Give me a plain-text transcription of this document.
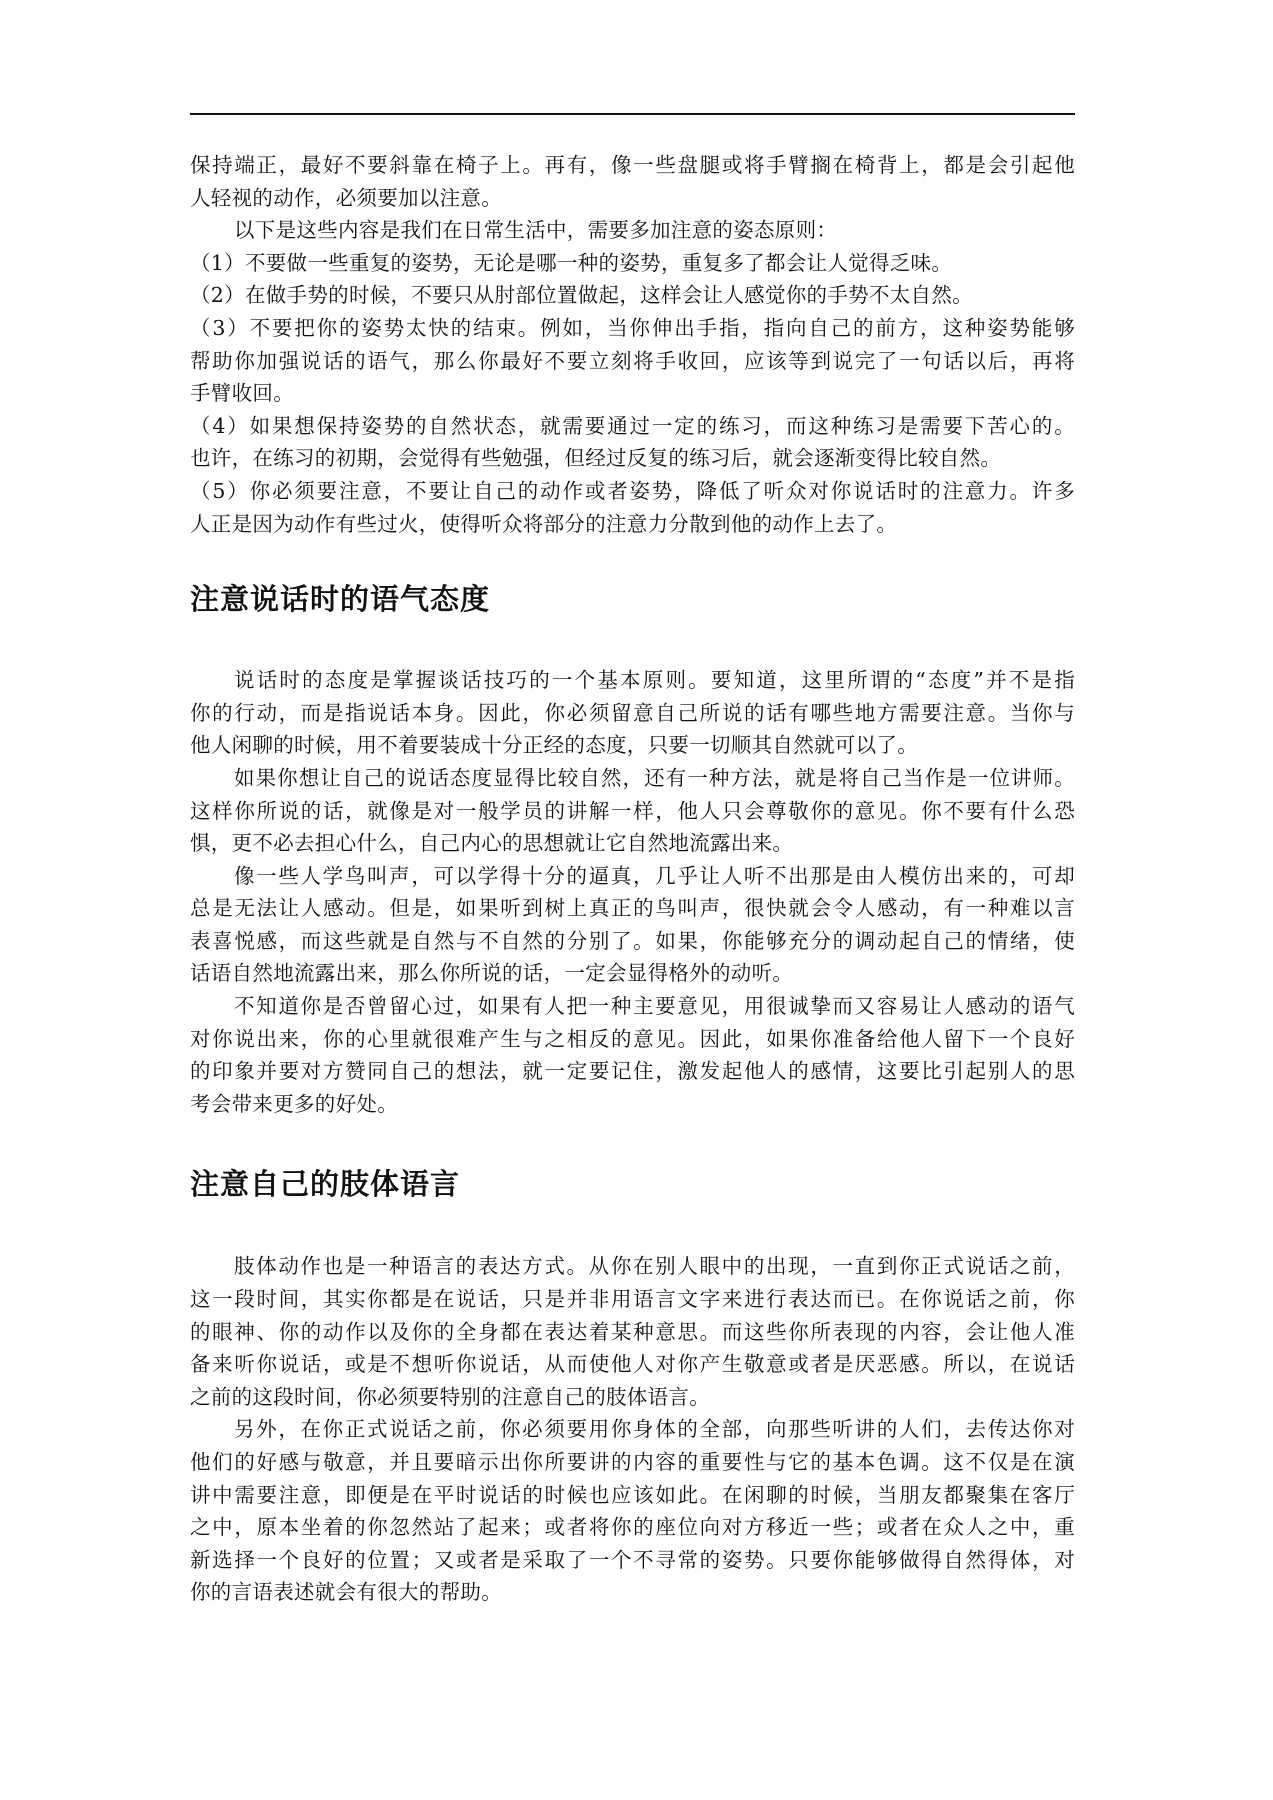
保持端正，最好不要斜靠在椅子上。再有，像一些盘腿或将手臂搁在椅背上，都是会引起他
人轻视的动作，必须要加以注意。
以下是这些内容是我们在日常生活中，需要多加注意的姿态原则：
（1）不要做一些重复的姿势，无论是哪一种的姿势，重复多了都会让人觉得乏味。
（2）在做手势的时候，不要只从肘部位置做起，这样会让人感觉你的手势不太自然。
（3）不要把你的姿势太快的结束。例如，当你伸出手指，指向自己的前方，这种姿势能够
帮助你加强说话的语气，那么你最好不要立刻将手收回，应该等到说完了一句话以后，再将
手臂收回。
（4）如果想保持姿势的自然状态，就需要通过一定的练习，而这种练习是需要下苦心的。
也许，在练习的初期，会觉得有些勉强，但经过反复的练习后，就会逐渐变得比较自然。
（5）你必须要注意，不要让自己的动作或者姿势，降低了听众对你说话时的注意力。许多
人正是因为动作有些过火，使得听众将部分的注意力分散到他的动作上去了。
注意说话时的语气态度
说话时的态度是掌握谈话技巧的一个基本原则。要知道，这里所谓的“态度”并不是指
你的行动，而是指说话本身。因此，你必须留意自己所说的话有哪些地方需要注意。当你与
他人闲聊的时候，用不着要装成十分正经的态度，只要一切顺其自然就可以了。
如果你想让自己的说话态度显得比较自然，还有一种方法，就是将自己当作是一位讲师。
这样你所说的话，就像是对一般学员的讲解一样，他人只会尊敬你的意见。你不要有什么恐
惧，更不必去担心什么，自己内心的思想就让它自然地流露出来。
像一些人学鸟叫声，可以学得十分的逼真，几乎让人听不出那是由人模仿出来的，可却
总是无法让人感动。但是，如果听到树上真正的鸟叫声，很快就会令人感动，有一种难以言
表喜悦感，而这些就是自然与不自然的分别了。如果，你能够充分的调动起自己的情绪，使
话语自然地流露出来，那么你所说的话，一定会显得格外的动听。
不知道你是否曾留心过，如果有人把一种主要意见，用很诚挚而又容易让人感动的语气
对你说出来，你的心里就很难产生与之相反的意见。因此，如果你准备给他人留下一个良好
的印象并要对方赞同自己的想法，就一定要记住，激发起他人的感情，这要比引起别人的思
考会带来更多的好处。
注意自己的肢体语言
肢体动作也是一种语言的表达方式。从你在别人眼中的出现，一直到你正式说话之前，
这一段时间，其实你都是在说话，只是并非用语言文字来进行表达而已。在你说话之前，你
的眼神、你的动作以及你的全身都在表达着某种意思。而这些你所表现的内容，会让他人准
备来听你说话，或是不想听你说话，从而使他人对你产生敬意或者是厌恶感。所以，在说话
之前的这段时间，你必须要特别的注意自己的肢体语言。
另外，在你正式说话之前，你必须要用你身体的全部，向那些听讲的人们，去传达你对
他们的好感与敬意，并且要暗示出你所要讲的内容的重要性与它的基本色调。这不仅是在演
讲中需要注意，即便是在平时说话的时候也应该如此。在闲聊的时候，当朋友都聚集在客厅
之中，原本坐着的你忽然站了起来；或者将你的座位向对方移近一些；或者在众人之中，重
新选择一个良好的位置；又或者是采取了一个不寻常的姿势。只要你能够做得自然得体，对
你的言语表述就会有很大的帮助。
